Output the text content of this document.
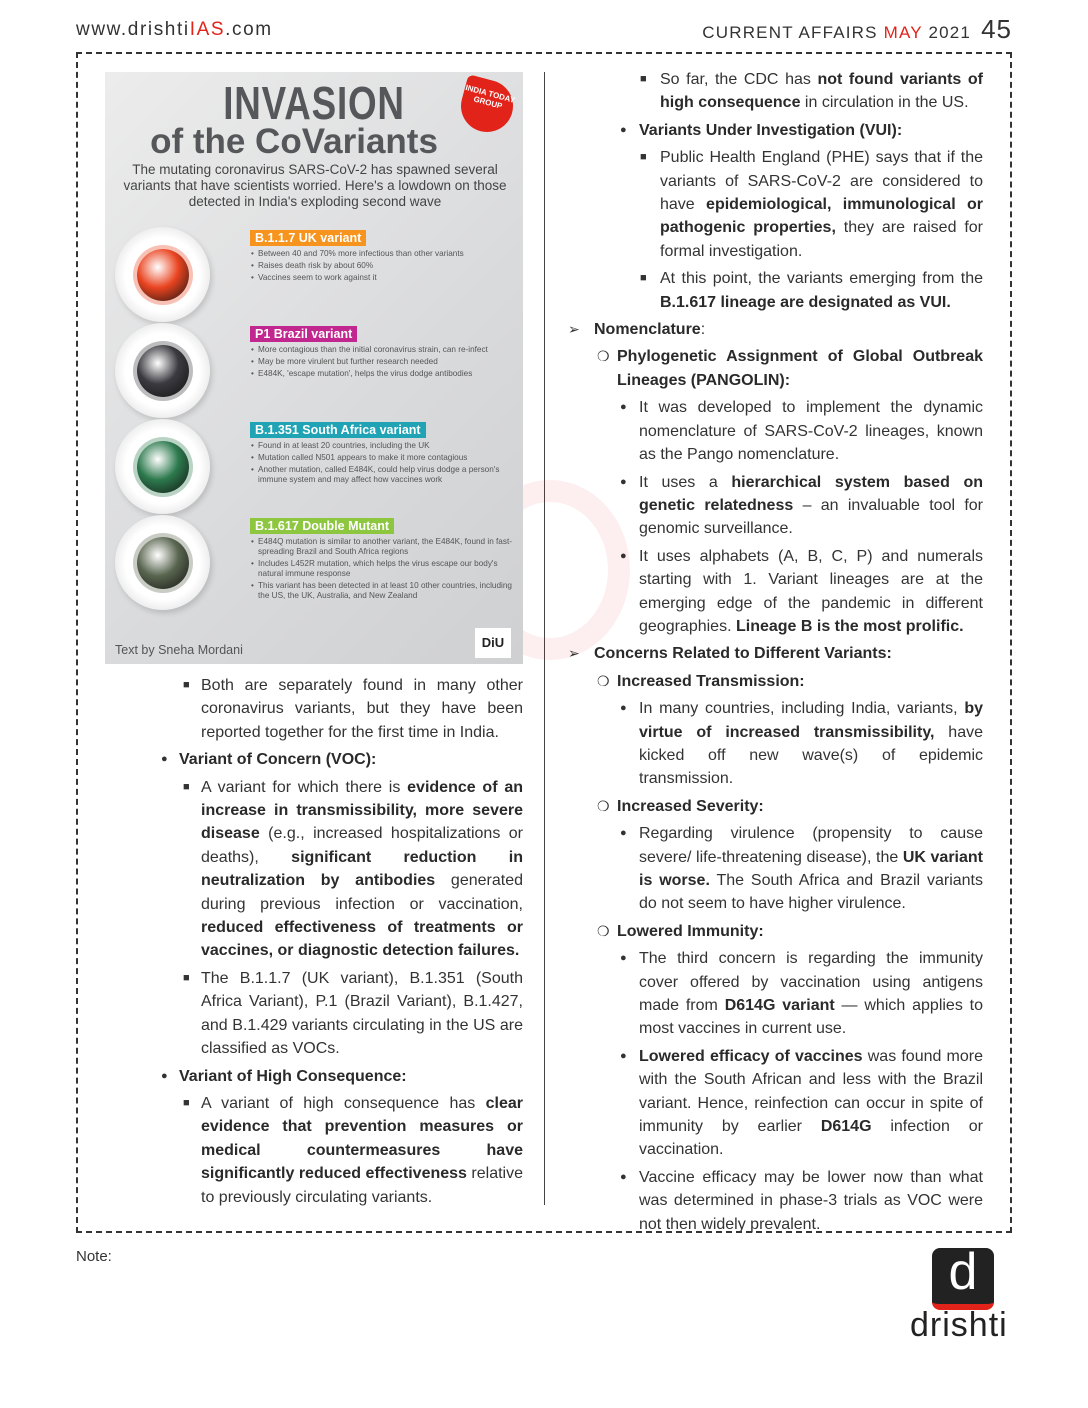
www.drishtiIAS.com	CURRENT AFFAIRS MAY 2021 45
INVASION
of the CoVariants
INDIA TODAY GROUP
The mutating coronavirus SARS-CoV-2 has spawned several variants that have scientists worried. Here's a lowdown on those detected in India's exploding second wave
B.1.1.7 UK variant
• Between 40 and 70% more infectious than other variants
• Raises death risk by about 60%
• Vaccines seem to work against it
P1 Brazil variant
• More contagious than the initial coronavirus strain, can re-infect
• May be more virulent but further research needed
• E484K, 'escape mutation', helps the virus dodge antibodies
B.1.351 South Africa variant
• Found in at least 20 countries, including the UK
• Mutation called N501 appears to make it more contagious
• Another mutation, called E484K, could help virus dodge a person's immune system and may affect how vaccines work
B.1.617 Double Mutant
• E484Q mutation is similar to another variant, the E484K, found in fast-spreading Brazil and South Africa regions
• Includes L452R mutation, which helps the virus escape our body's natural immune response
• This variant has been detected in at least 10 other countries, including the US, the UK, Australia, and New Zealand
Text by Sneha Mordani	DiU
■ Both are separately found in many other coronavirus variants, but they have been reported together for the first time in India.
● Variant of Concern (VOC):
■ A variant for which there is evidence of an increase in transmissibility, more severe disease (e.g., increased hospitalizations or deaths), significant reduction in neutralization by antibodies generated during previous infection or vaccination, reduced effectiveness of treatments or vaccines, or diagnostic detection failures.
■ The B.1.1.7 (UK variant), B.1.351 (South Africa Variant), P.1 (Brazil Variant), B.1.427, and B.1.429 variants circulating in the US are classified as VOCs.
● Variant of High Consequence:
■ A variant of high consequence has clear evidence that prevention measures or medical countermeasures have significantly reduced effectiveness relative to previously circulating variants.
■ So far, the CDC has not found variants of high consequence in circulation in the US.
● Variants Under Investigation (VUI):
■ Public Health England (PHE) says that if the variants of SARS-CoV-2 are considered to have epidemiological, immunological or pathogenic properties, they are raised for formal investigation.
■ At this point, the variants emerging from the B.1.617 lineage are designated as VUI.
➢ Nomenclature:
❍ Phylogenetic Assignment of Global Outbreak Lineages (PANGOLIN):
● It was developed to implement the dynamic nomenclature of SARS-CoV-2 lineages, known as the Pango nomenclature.
● It uses a hierarchical system based on genetic relatedness – an invaluable tool for genomic surveillance.
● It uses alphabets (A, B, C, P) and numerals starting with 1. Variant lineages are at the emerging edge of the pandemic in different geographies. Lineage B is the most prolific.
➢ Concerns Related to Different Variants:
❍ Increased Transmission:
● In many countries, including India, variants, by virtue of increased transmissibility, have kicked off new wave(s) of epidemic transmission.
❍ Increased Severity:
● Regarding virulence (propensity to cause severe/ life-threatening disease), the UK variant is worse. The South Africa and Brazil variants do not seem to have higher virulence.
❍ Lowered Immunity:
● The third concern is regarding the immunity cover offered by vaccination using antigens made from D614G variant — which applies to most vaccines in current use.
● Lowered efficacy of vaccines was found more with the South African and less with the Brazil variant. Hence, reinfection can occur in spite of immunity by earlier D614G infection or vaccination.
● Vaccine efficacy may be lower now than what was determined in phase-3 trials as VOC were not then widely prevalent.
Note:	d
drishti
